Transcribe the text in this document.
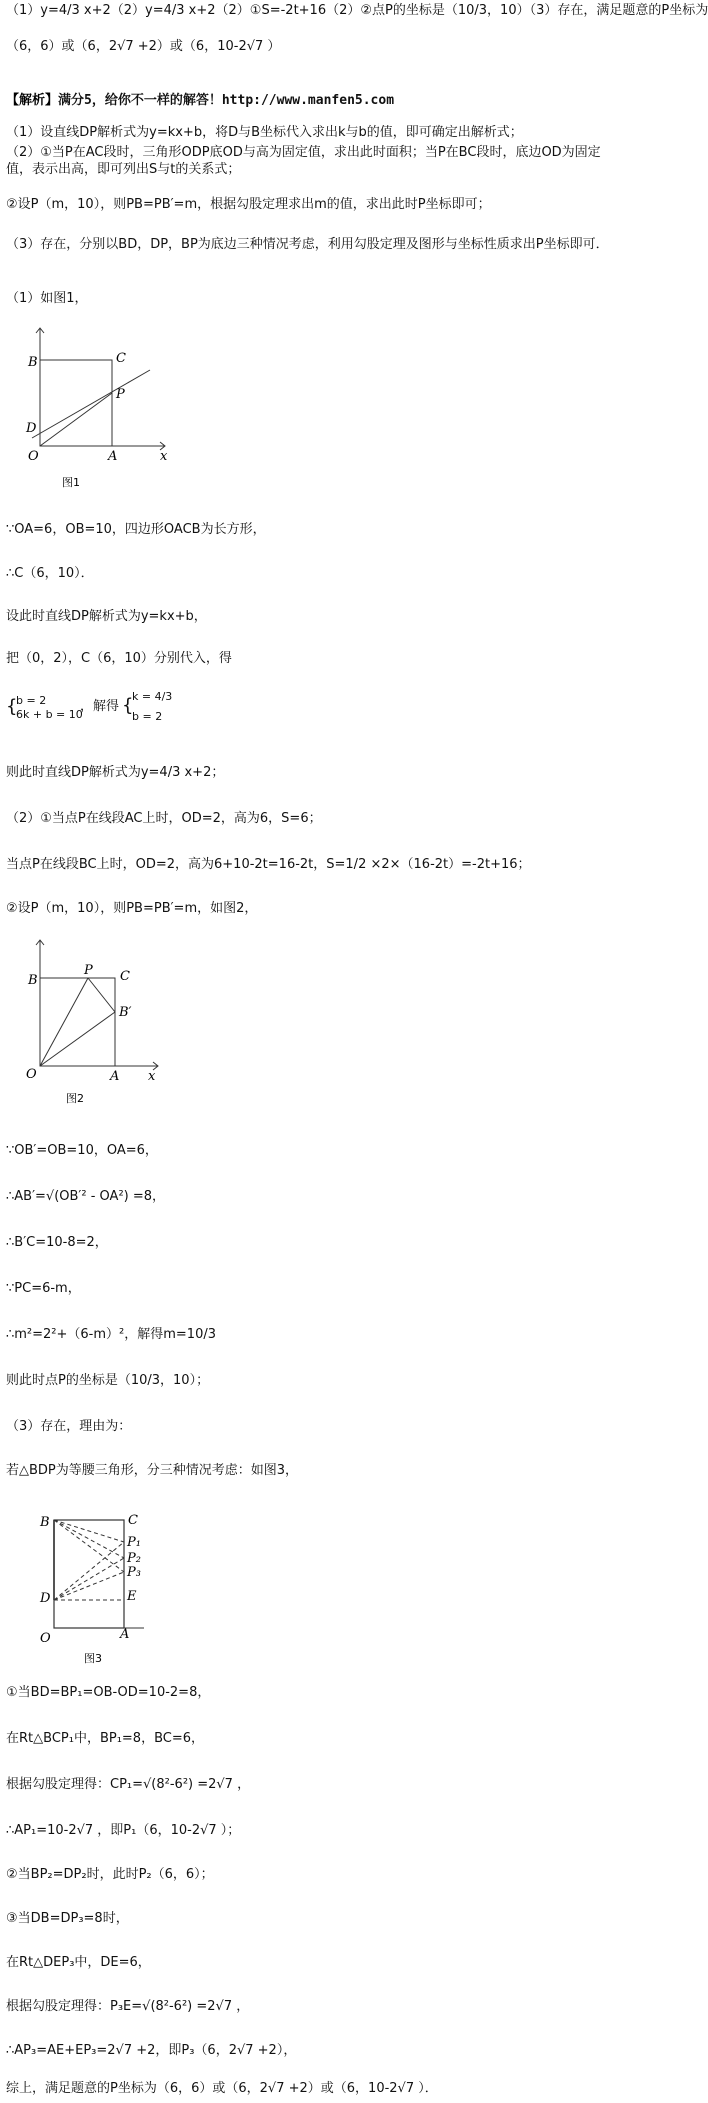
（1）y=4/3 x+2（2）y=4/3 x+2（2）①S=-2t+16（2）②点P的坐标是（10/3，10）（3）存在，满足题意的P坐标为
（6，6）或（6，2√7 +2）或（6，10-2√7 ）
【解析】满分5，给你不一样的解答！http://www.manfen5.com
（1）设直线DP解析式为y=kx+b，将D与B坐标代入求出k与b的值，即可确定出解析式；
（2）①当P在AC段时，三角形ODP底OD与高为固定值，求出此时面积；当P在BC段时，底边OD为固定值，表示出高，即可列出S与t的关系式；
②设P（m，10），则PB=PB′=m，根据勾股定理求出m的值，求出此时P坐标即可；
（3）存在，分别以BD，DP，BP为底边三种情况考虑，利用勾股定理及图形与坐标性质求出P坐标即可．
（1）如图1，
B	C
P
D
O	A	x
图1
∵OA=6，OB=10，四边形OACB为长方形，
∴C（6，10）．
设此时直线DP解析式为y=kx+b，
把（0，2），C（6，10）分别代入，得
{
b = 2
6k + b = 10
，解得 {
k = 4/3
b = 2
则此时直线DP解析式为y=4/3 x+2；
（2）①当点P在线段AC上时，OD=2，高为6，S=6；
当点P在线段BC上时，OD=2，高为6+10-2t=16-2t，S=1/2 ×2×（16-2t）=-2t+16；
②设P（m，10），则PB=PB′=m，如图2，
B
P C
B′
O	A x
图2
∵OB′=OB=10，OA=6，
∴AB′=√(OB′² - OA²) =8，
∴B′C=10-8=2，
∵PC=6-m，
∴m²=2²+（6-m）²，解得m=10/3
则此时点P的坐标是（10/3，10）；
（3）存在，理由为：
若△BDP为等腰三角形，分三种情况考虑：如图3，
B	C
P₁
P₂
P₃
E
D
O	A
图3
①当BD=BP₁=OB-OD=10-2=8，
在Rt△BCP₁中，BP₁=8，BC=6，
根据勾股定理得：CP₁=√(8²-6²) =2√7 ，
∴AP₁=10-2√7 ，即P₁（6，10-2√7 ）；
②当BP₂=DP₂时，此时P₂（6，6）；
③当DB=DP₃=8时，
在Rt△DEP₃中，DE=6，
根据勾股定理得：P₃E=√(8²-6²) =2√7 ，
∴AP₃=AE+EP₃=2√7 +2，即P₃（6，2√7 +2），
综上，满足题意的P坐标为（6，6）或（6，2√7 +2）或（6，10-2√7 ）．
